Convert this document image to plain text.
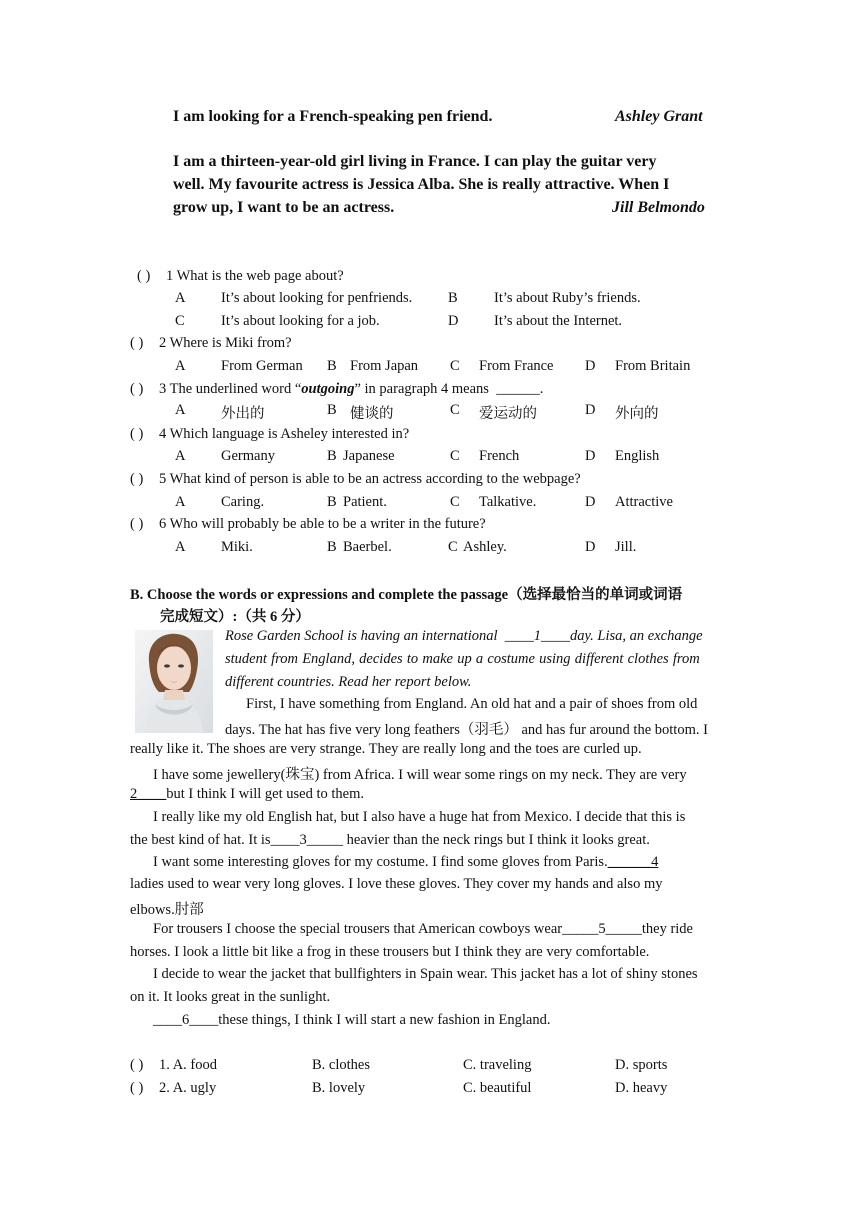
I am looking for a French-speaking pen friend.	Ashley Grant
I am a thirteen-year-old girl living in France. I can play the guitar very
well. My favourite actress is Jessica Alba. She is really attractive. When I
grow up, I want to be an actress.	Jill Belmondo
( ) 1 What is the web page about?
A It’s about looking for penfriends. B	It’s about Ruby’s friends.
C	It’s about looking for a job.	D It’s about the Internet.
( ) 2 Where is Miki from?
A From German B From Japan C From France D From Britain
( ) 3 The underlined word “outgoing” in paragraph 4 means ______.
A 外出的	B 健谈的	C 爱运动的	D 外向的
( ) 4 Which language is Asheley interested in?
A Germany	B Japanese	C French	D English
( ) 5 What kind of person is able to be an actress according to the webpage?
A Caring.	B Patient.	C Talkative.	D Attractive
( ) 6 Who will probably be able to be a writer in the future?
A Miki.	B Baerbel.	C Ashley.	D Jill.
B. Choose the words or expressions and complete the passage（选择最恰当的单词或词语
完成短文）:（共 6 分）
Rose Garden School is having an international ____1____day. Lisa, an exchange
student from England, decides to make up a costume using different clothes from
different countries. Read her report below.
First, I have something from England. An old hat and a pair of shoes from old
days. The hat has five very long feathers（羽毛） and has fur around the bottom. I
really like it. The shoes are very strange. They are really long and the toes are curled up.
I have some jewellery(珠宝) from Africa. I will wear some rings on my neck. They are very
2____but I think I will get used to them.
I really like my old English hat, but I also have a huge hat from Mexico. I decide that this is
the best kind of hat. It is____3_____ heavier than the neck rings but I think it looks great.
I want some interesting gloves for my costume. I find some gloves from Paris.______4
ladies used to wear very long gloves. I love these gloves. They cover my hands and also my
elbows.肘部
For trousers I choose the special trousers that American cowboys wear_____5_____they ride
horses. I look a little bit like a frog in these trousers but I think they are very comfortable.
I decide to wear the jacket that bullfighters in Spain wear. This jacket has a lot of shiny stones
on it. It looks great in the sunlight.
____6____these things, I think I will start a new fashion in England.
( ) 1. A. food	B. clothes	C. traveling	D. sports
( ) 2. A. ugly	B. lovely	C. beautiful	D. heavy
